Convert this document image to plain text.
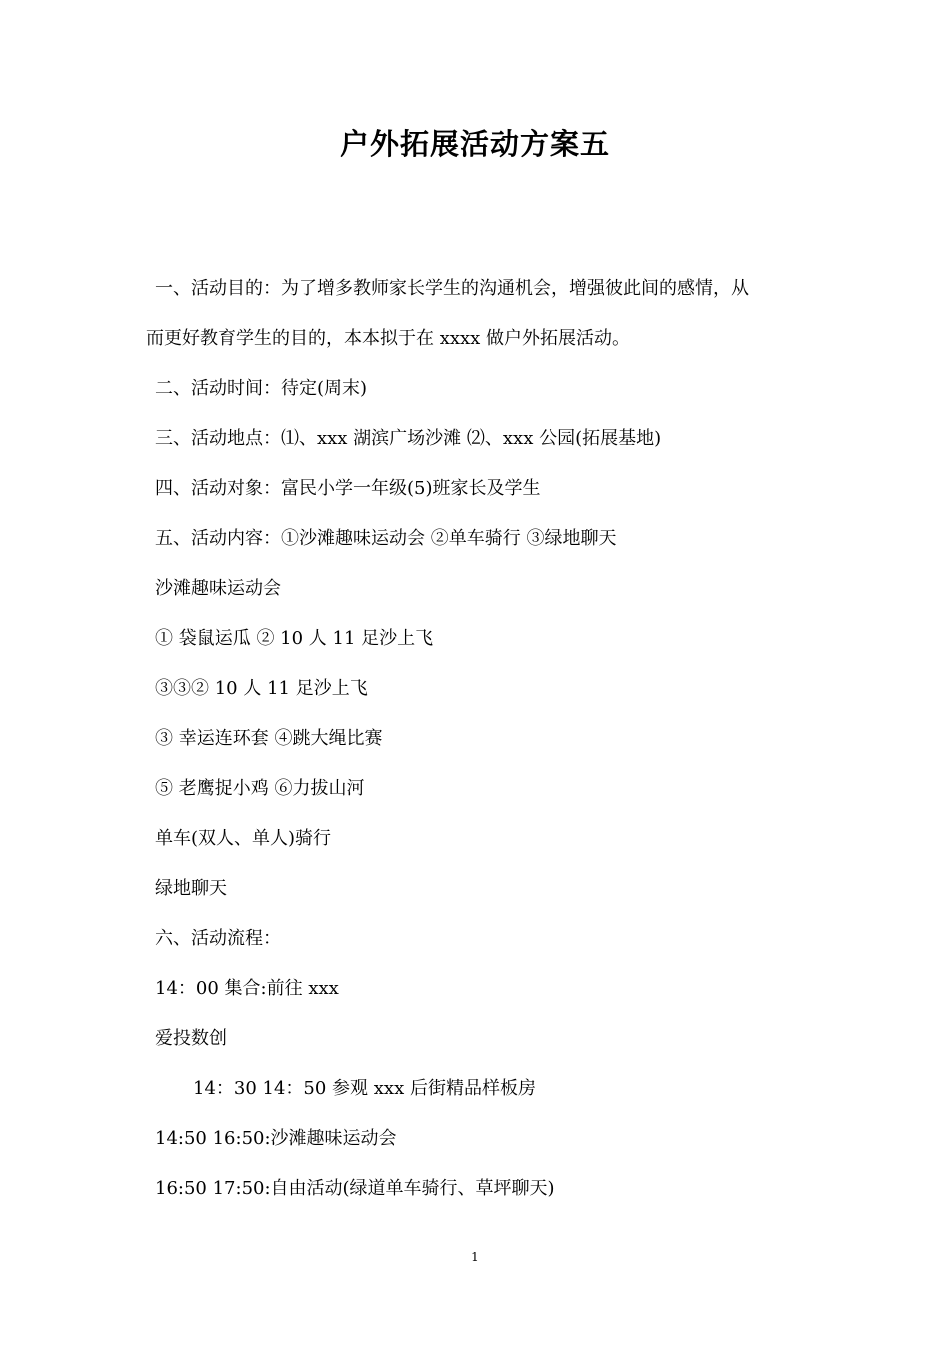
户外拓展活动方案五
一、活动目的：为了增多教师家长学生的沟通机会，增强彼此间的感情，从
而更好教育学生的目的，本本拟于在 xxxx 做户外拓展活动。
二、活动时间：待定(周末)
三、活动地点：⑴、xxx 湖滨广场沙滩 ⑵、xxx 公园(拓展基地)
四、活动对象：富民小学一年级(5)班家长及学生
五、活动内容：①沙滩趣味运动会 ②单车骑行 ③绿地聊天
沙滩趣味运动会
① 袋鼠运瓜 ② 10 人 11 足沙上飞
③③② 10 人 11 足沙上飞
③ 幸运连环套 ④跳大绳比赛
⑤ 老鹰捉小鸡 ⑥力拔山河
单车(双人、单人)骑行
绿地聊天
六、活动流程：
14：00 集合:前往 xxx
爱投数创
14：30 14：50 参观 xxx 后街精品样板房
14:50 16:50:沙滩趣味运动会
16:50 17:50:自由活动(绿道单车骑行、草坪聊天)
1
